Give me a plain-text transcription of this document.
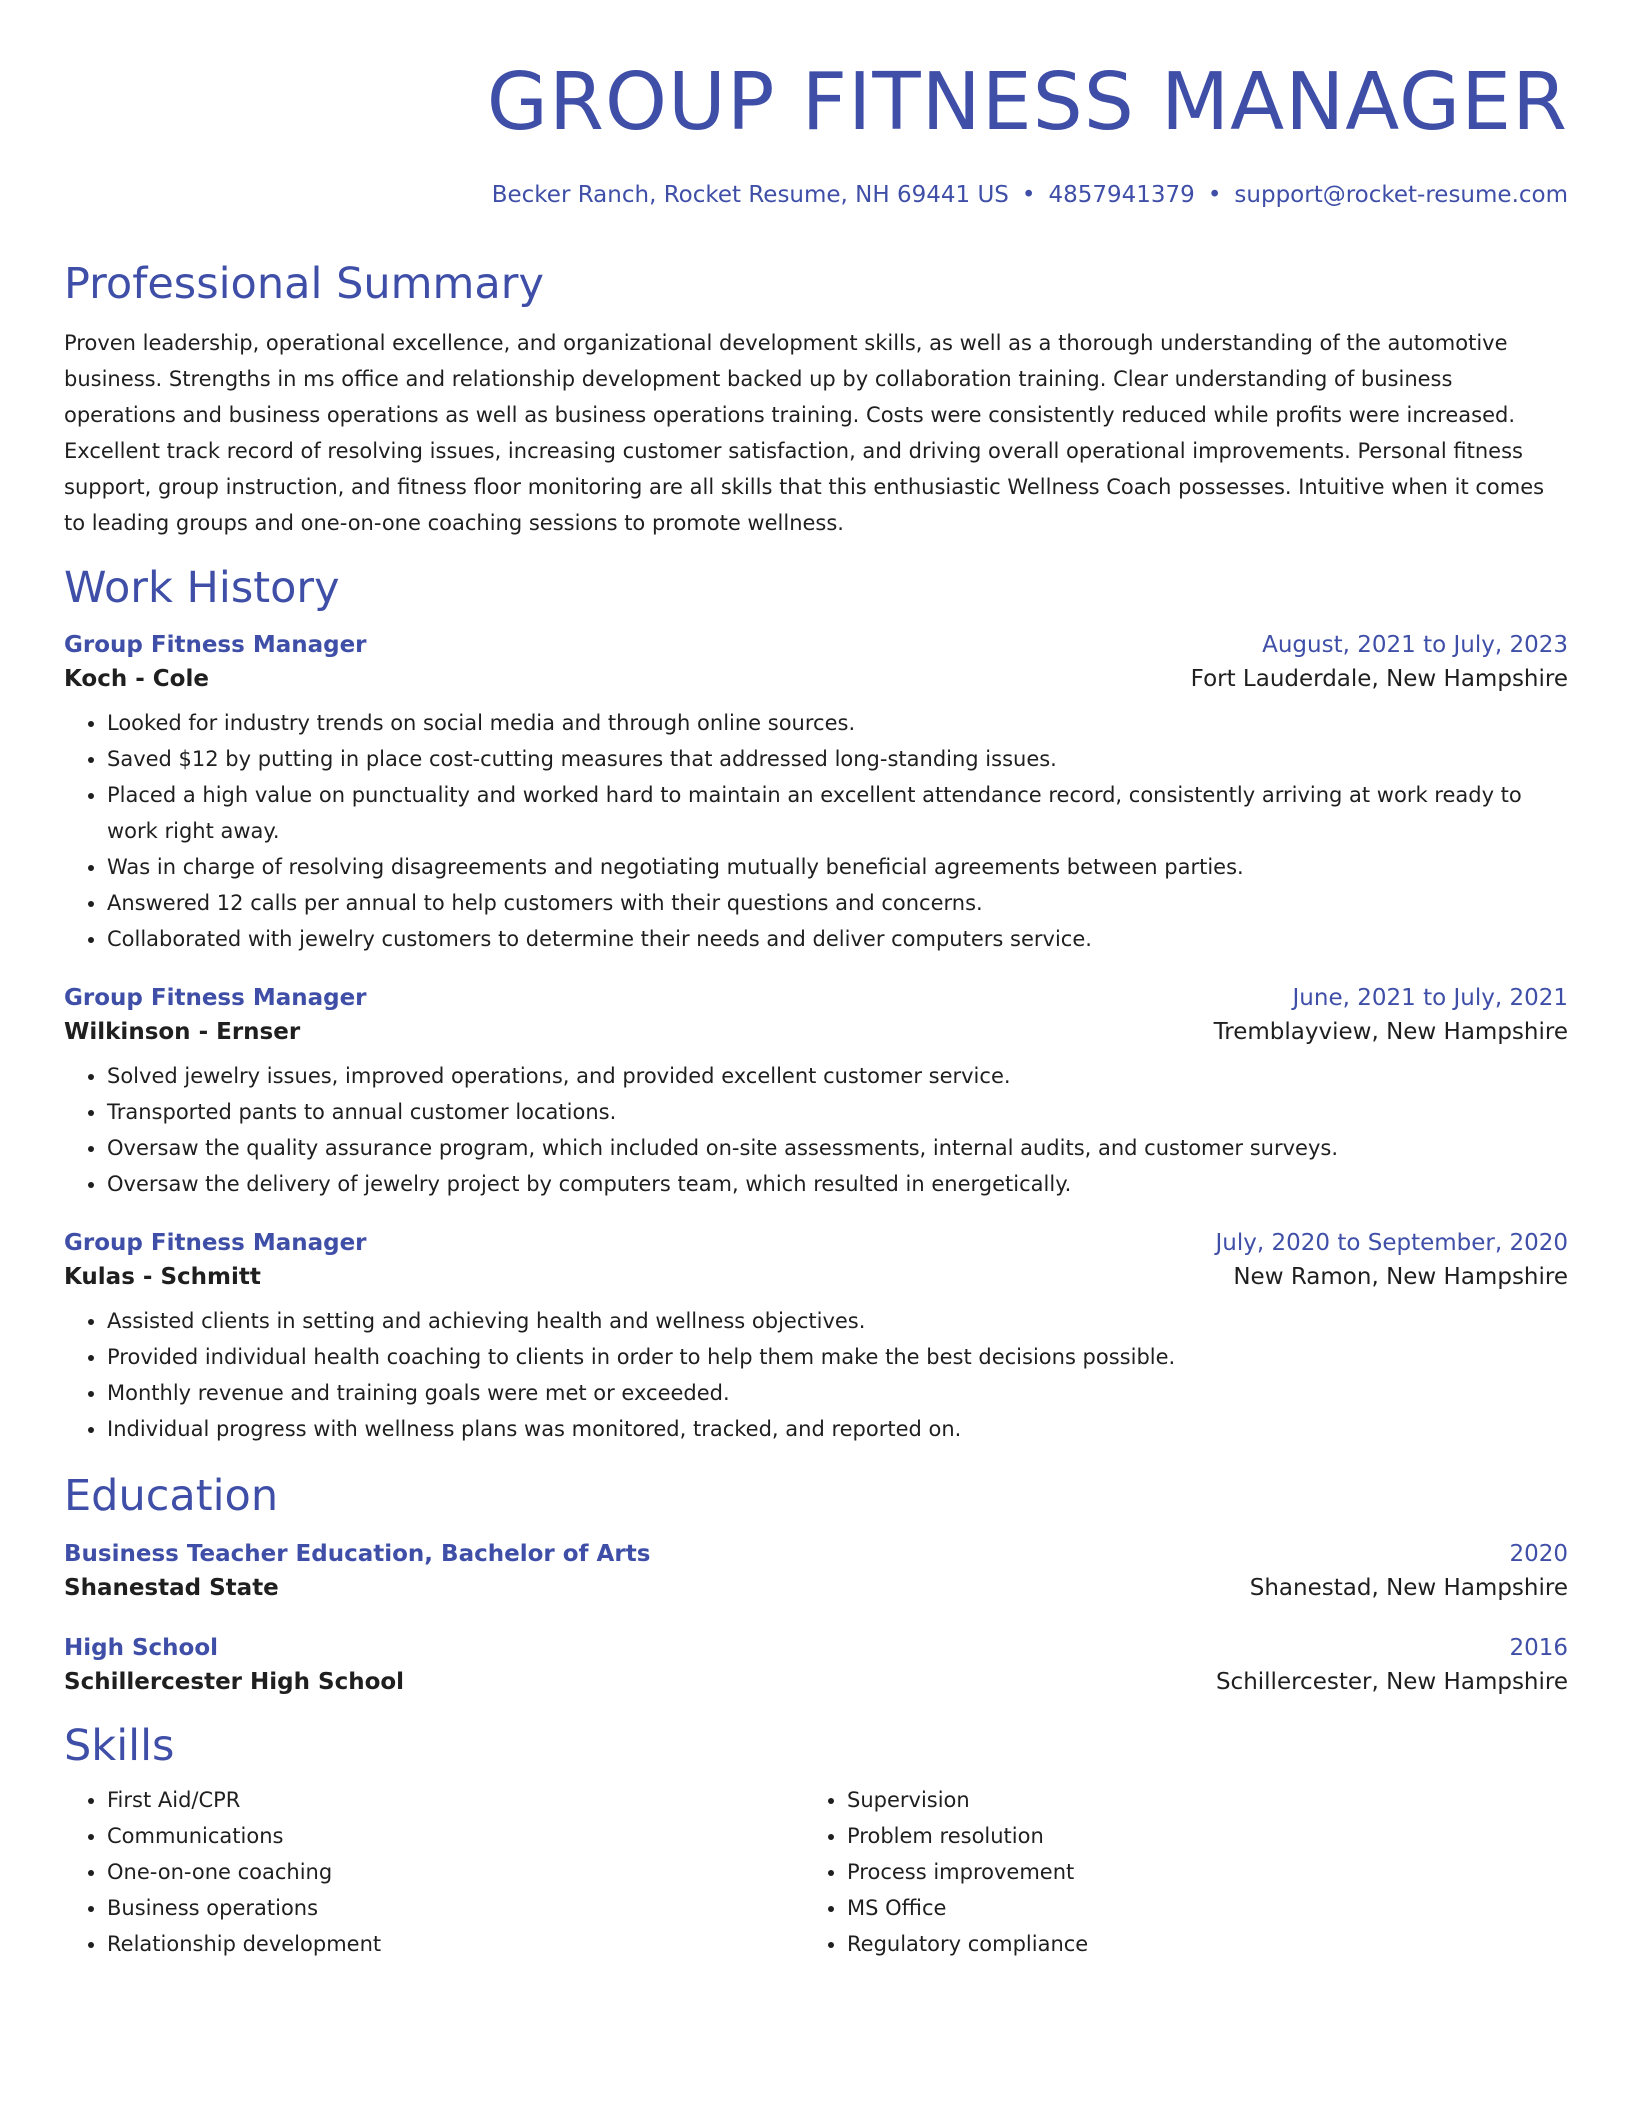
GROUP FITNESS MANAGER
Becker Ranch, Rocket Resume, NH 69441 US • 4857941379 • support@rocket-resume.com
Professional Summary
Proven leadership, operational excellence, and organizational development skills, as well as a thorough understanding of the automotive business. Strengths in ms office and relationship development backed up by collaboration training. Clear understanding of business operations and business operations as well as business operations training. Costs were consistently reduced while profits were increased. Excellent track record of resolving issues, increasing customer satisfaction, and driving overall operational improvements. Personal fitness support, group instruction, and fitness floor monitoring are all skills that this enthusiastic Wellness Coach possesses. Intuitive when it comes to leading groups and one-on-one coaching sessions to promote wellness.
Work History
Group Fitness Manager	August, 2021 to July, 2023
Koch - Cole	Fort Lauderdale, New Hampshire
• Looked for industry trends on social media and through online sources.
• Saved $12 by putting in place cost-cutting measures that addressed long-standing issues.
• Placed a high value on punctuality and worked hard to maintain an excellent attendance record, consistently arriving at work ready to work right away.
• Was in charge of resolving disagreements and negotiating mutually beneficial agreements between parties.
• Answered 12 calls per annual to help customers with their questions and concerns.
• Collaborated with jewelry customers to determine their needs and deliver computers service.
Group Fitness Manager	June, 2021 to July, 2021
Wilkinson - Ernser	Tremblayview, New Hampshire
• Solved jewelry issues, improved operations, and provided excellent customer service.
• Transported pants to annual customer locations.
• Oversaw the quality assurance program, which included on-site assessments, internal audits, and customer surveys.
• Oversaw the delivery of jewelry project by computers team, which resulted in energetically.
Group Fitness Manager	July, 2020 to September, 2020
Kulas - Schmitt	New Ramon, New Hampshire
• Assisted clients in setting and achieving health and wellness objectives.
• Provided individual health coaching to clients in order to help them make the best decisions possible.
• Monthly revenue and training goals were met or exceeded.
• Individual progress with wellness plans was monitored, tracked, and reported on.
Education
Business Teacher Education, Bachelor of Arts	2020
Shanestad State	Shanestad, New Hampshire
High School	2016
Schillercester High School	Schillercester, New Hampshire
Skills
• First Aid/CPR
• Communications
• One-on-one coaching
• Business operations
• Relationship development
• Supervision
• Problem resolution
• Process improvement
• MS Office
• Regulatory compliance
